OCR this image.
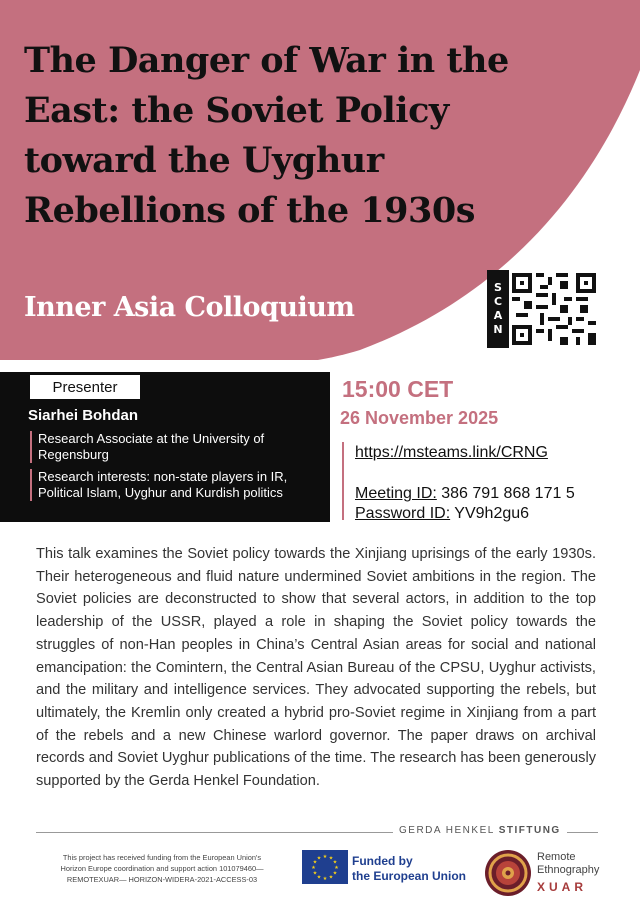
The Danger of War in the
East: the Soviet Policy
toward the Uyghur
Rebellions of the 1930s
Inner Asia Colloquium
S
C
A
N
Presenter
Siarhei Bohdan
Research Associate at the University of Regensburg
Research interests: non-state players in IR, Political Islam, Uyghur and Kurdish politics
15:00 CET
26 November 2025
https://msteams.link/CRNG
Meeting ID: 386 791 868 171 5
Password ID: YV9h2gu6

This talk examines the Soviet policy towards the Xinjiang uprisings of the early 1930s. Their heterogeneous and fluid nature undermined Soviet ambitions in the region. The Soviet policies are deconstructed to show that several actors, in addition to the top leadership of the USSR, played a role in shaping the Soviet policy towards the struggles of non-Han peoples in China’s Central Asian areas for social and national emancipation: the Comintern, the Central Asian Bureau of the CPSU, Uyghur activists, and the military and intelligence services. They advocated supporting the rebels, but ultimately, the Kremlin only created a hybrid pro-Soviet regime in Xinjiang from a part of the rebels and a new Chinese warlord governor. The paper draws on archival records and Soviet Uyghur publications of the time. The research has been generously supported by the Gerda Henkel Foundation.

GERDA HENKEL STIFTUNG
This project has received funding from the European Union's
Horizon Europe coordination and support action 101079460—
REMOTEXUAR— HORIZON-WIDERA-2021-ACCESS-03
★ ★
★
★
★
★
★
★
★
★
★
★	Funded by
the European Union
Remote
Ethnography
XUAR
